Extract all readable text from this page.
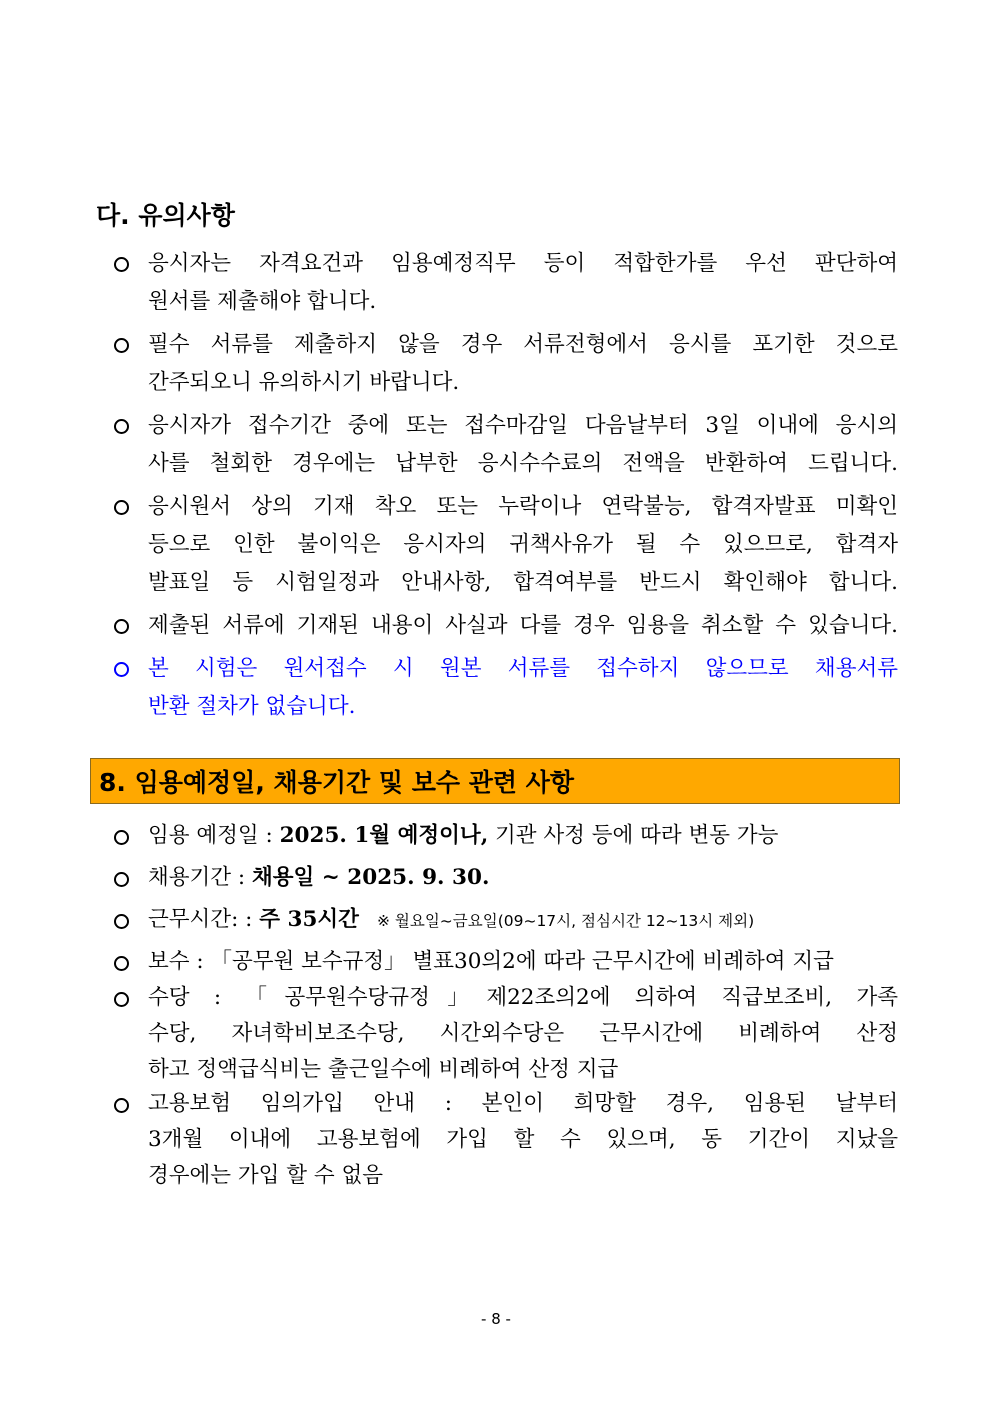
다. 유의사항
응시자는 자격요건과 임용예정직무 등이 적합한가를 우선 판단하여
원서를 제출해야 합니다.
필수 서류를 제출하지 않을 경우 서류전형에서 응시를 포기한 것으로
간주되오니 유의하시기 바랍니다.
응시자가 접수기간 중에 또는 접수마감일 다음날부터 3일 이내에 응시의
사를 철회한 경우에는 납부한 응시수수료의 전액을 반환하여 드립니다.
응시원서 상의 기재 착오 또는 누락이나 연락불능, 합격자발표 미확인
등으로 인한 불이익은 응시자의 귀책사유가 될 수 있으므로, 합격자
발표일 등 시험일정과 안내사항, 합격여부를 반드시 확인해야 합니다.
제출된 서류에 기재된 내용이 사실과 다를 경우 임용을 취소할 수 있습니다.
본 시험은 원서접수 시 원본 서류를 접수하지 않으므로 채용서류
반환 절차가 없습니다.
8. 임용예정일, 채용기간 및 보수 관련 사항
임용 예정일 : 2025. 1월 예정이나, 기관 사정 등에 따라 변동 가능
채용기간 : 채용일 ~ 2025. 9. 30.
근무시간: : 주 35시간 ※ 월요일~금요일(09~17시, 점심시간 12~13시 제외)
보수 : 「공무원 보수규정」 별표30의2에 따라 근무시간에 비례하여 지급
수당 : 「공무원수당규정」제22조의2에 의하여 직급보조비, 가족
수당, 자녀학비보조수당, 시간외수당은 근무시간에 비례하여 산정
하고 정액급식비는 출근일수에 비례하여 산정 지급
고용보험 임의가입 안내 : 본인이 희망할 경우, 임용된 날부터
3개월 이내에 고용보험에 가입 할 수 있으며, 동 기간이 지났을
경우에는 가입 할 수 없음
- 8 -
